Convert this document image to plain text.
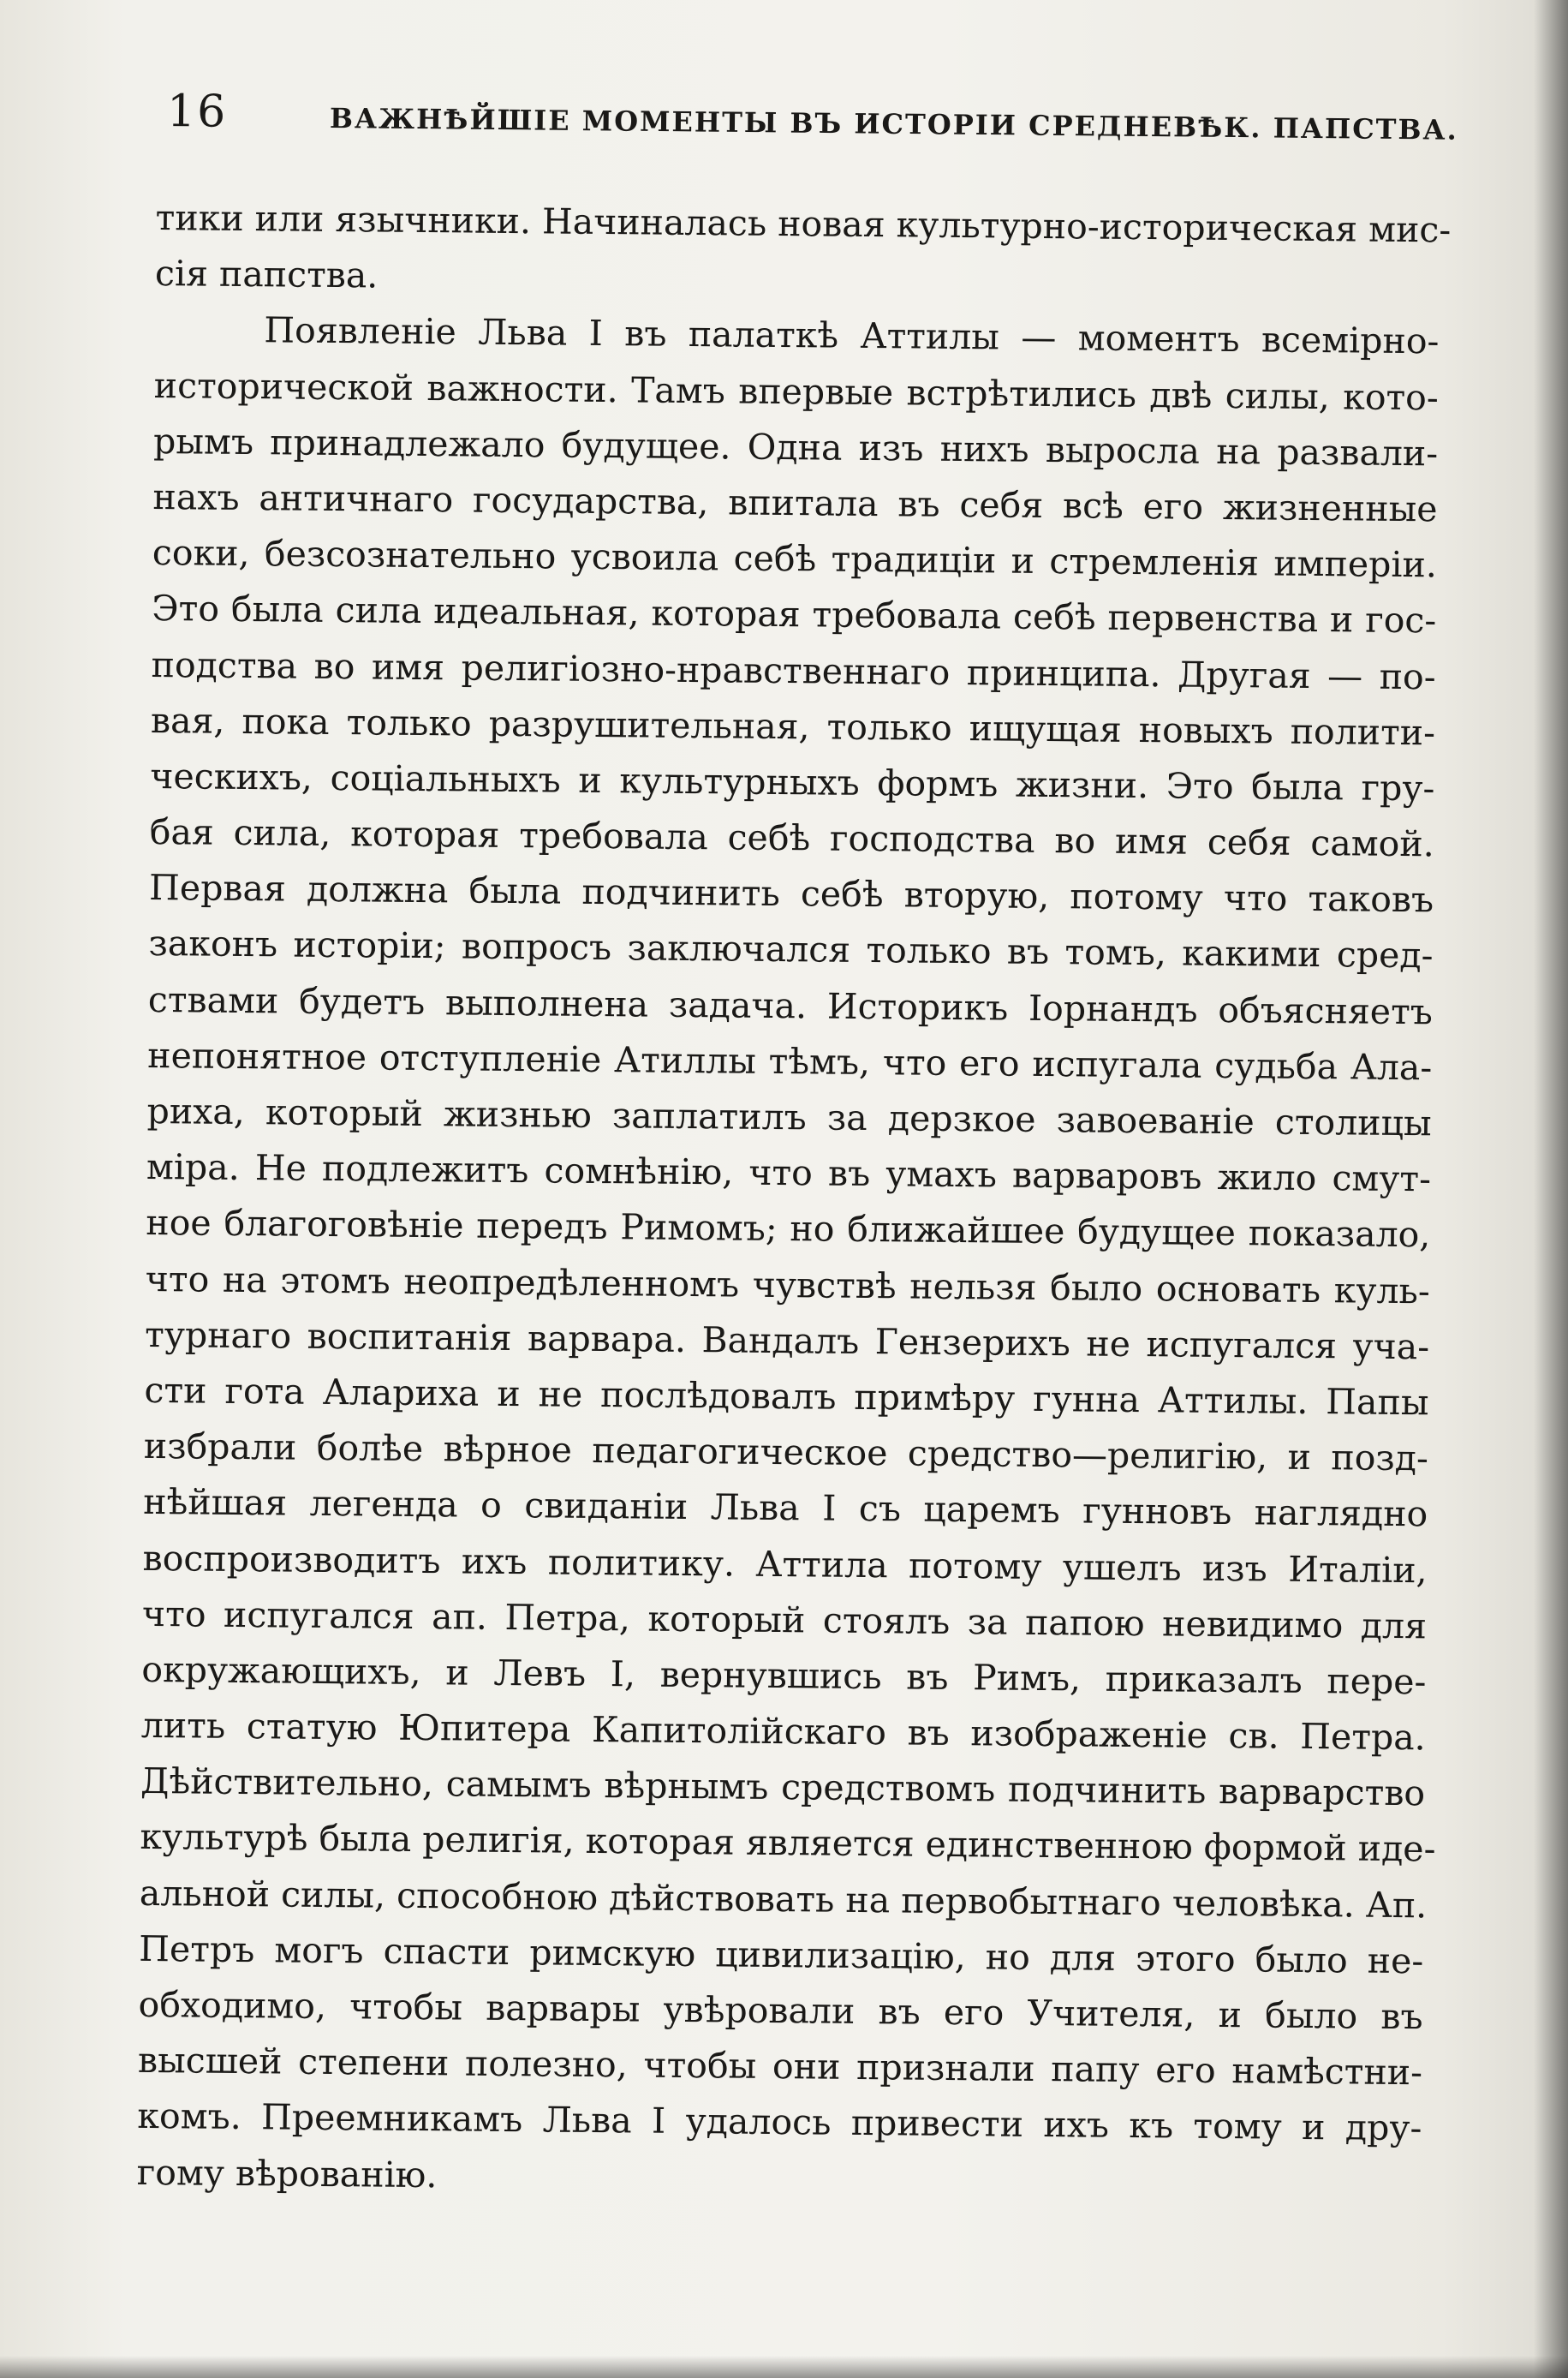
16	ВАЖНѢЙШІЕ МОМЕНТЫ ВЪ ИСТОРІИ СРЕДНЕВѢК. ПАПСТВА.
тики или язычники. Начиналась новая культурно-историческая мис-
сія папства.
Появленіе Льва I въ палаткѣ Аттилы — моментъ всемірно-
исторической важности. Тамъ впервые встрѣтились двѣ силы, кото-
рымъ принадлежало будущее. Одна изъ нихъ выросла на развали-
нахъ античнаго государства, впитала въ себя всѣ его жизненные
соки, безсознательно усвоила себѣ традиціи и стремленія имперіи.
Это была сила идеальная, которая требовала себѣ первенства и гос-
подства во имя религіозно-нравственнаго принципа. Другая — по-
вая, пока только разрушительная, только ищущая новыхъ полити-
ческихъ, соціальныхъ и культурныхъ формъ жизни. Это была гру-
бая сила, которая требовала себѣ господства во имя себя самой.
Первая должна была подчинить себѣ вторую, потому что таковъ
законъ исторіи; вопросъ заключался только въ томъ, какими сред-
ствами будетъ выполнена задача. Историкъ Іорнандъ объясняетъ
непонятное отступленіе Атиллы тѣмъ, что его испугала судьба Ала-
риха, который жизнью заплатилъ за дерзкое завоеваніе столицы
міра. Не подлежитъ сомнѣнію, что въ умахъ варваровъ жило смут-
ное благоговѣніе передъ Римомъ; но ближайшее будущее показало,
что на этомъ неопредѣленномъ чувствѣ нельзя было основать куль-
турнаго воспитанія варвара. Вандалъ Гензерихъ не испугался уча-
сти гота Алариха и не послѣдовалъ примѣру гунна Аттилы. Папы
избрали болѣе вѣрное педагогическое средство—религію, и позд-
нѣйшая легенда о свиданіи Льва I съ царемъ гунновъ наглядно
воспроизводитъ ихъ политику. Аттила потому ушелъ изъ Италіи,
что испугался ап. Петра, который стоялъ за папою невидимо для
окружающихъ, и Левъ I, вернувшись въ Римъ, приказалъ пере-
лить статую Юпитера Капитолійскаго въ изображеніе св. Петра.
Дѣйствительно, самымъ вѣрнымъ средствомъ подчинить варварство
культурѣ была религія, которая является единственною формой иде-
альной силы, способною дѣйствовать на первобытнаго человѣка. Ап.
Петръ могъ спасти римскую цивилизацію, но для этого было не-
обходимо, чтобы варвары увѣровали въ его Учителя, и было въ
высшей степени полезно, чтобы они признали папу его намѣстни-
комъ. Преемникамъ Льва I удалось привести ихъ къ тому и дру-
гому вѣрованію.
